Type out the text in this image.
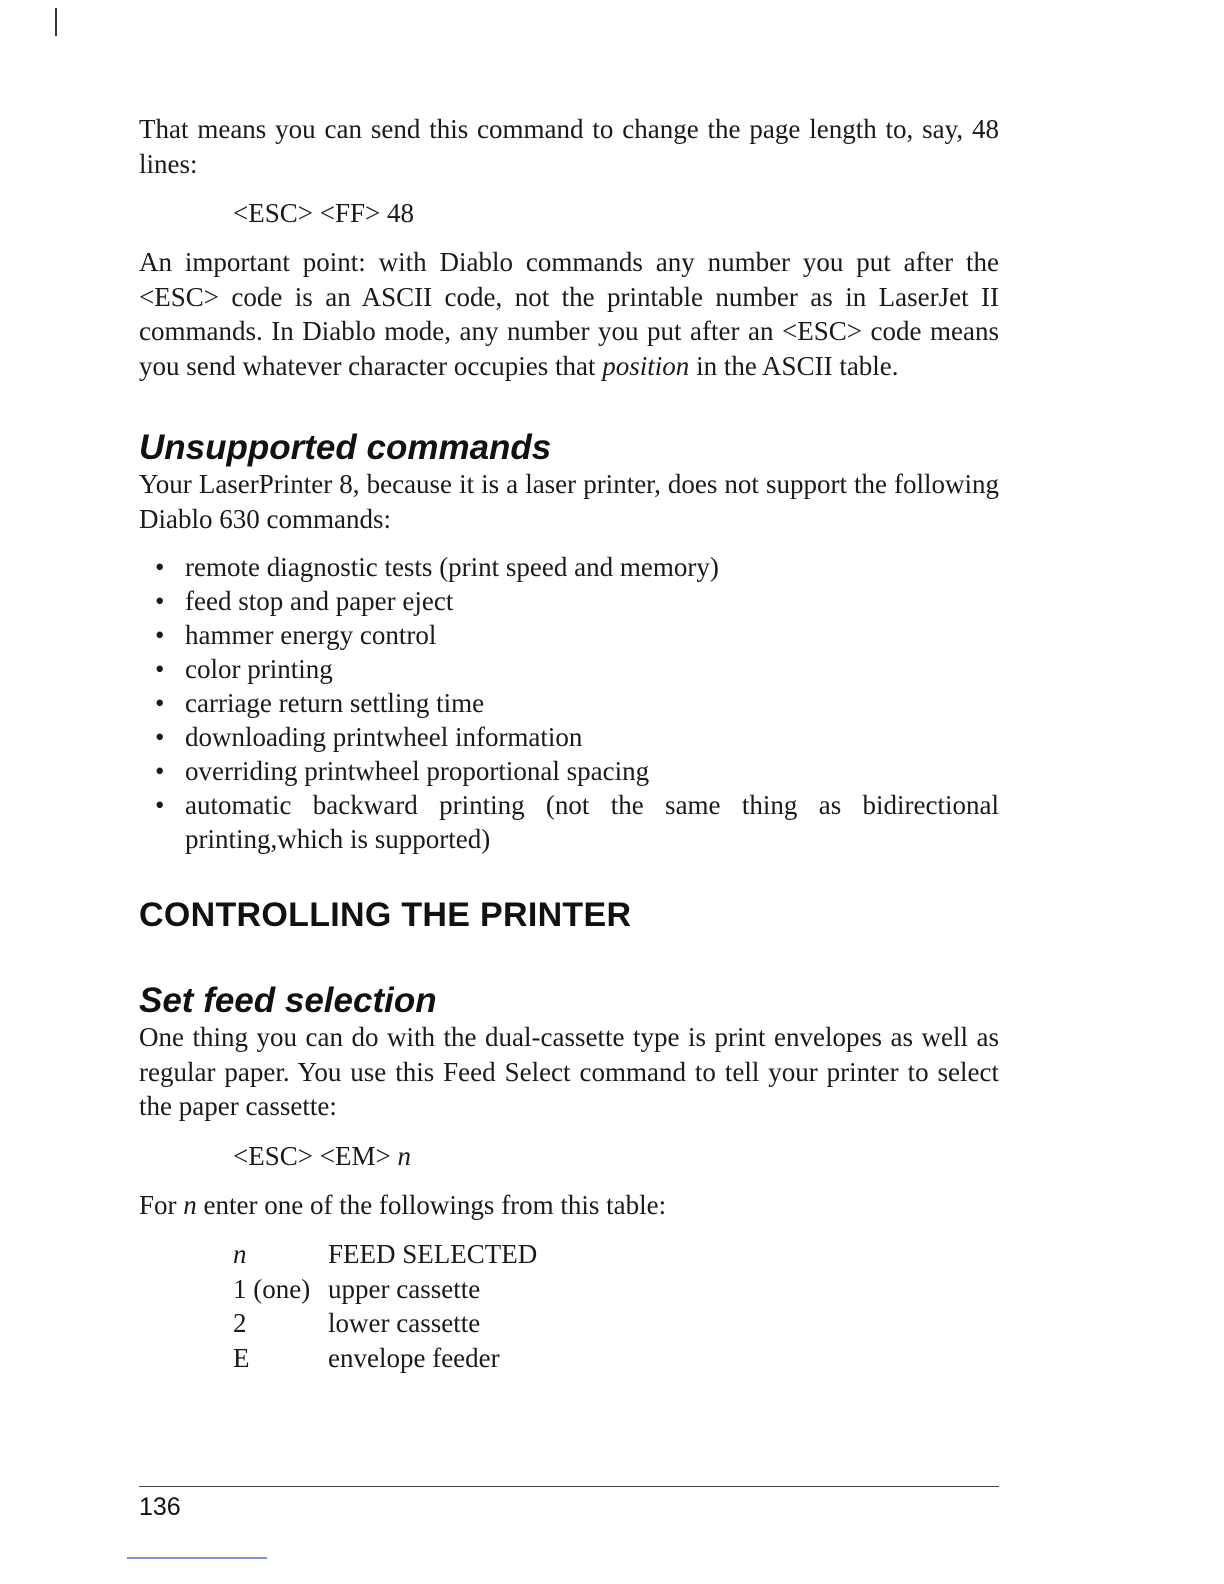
That means you can send this command to change the page length to, say, 48 lines:

<ESC> <FF> 48

An important point: with Diablo commands any number you put after the <ESC> code is an ASCII code, not the printable number as in LaserJet II commands. In Diablo mode, any number you put after an <ESC> code means you send whatever character occupies that position in the ASCII table.

Unsupported commands

Your LaserPrinter 8, because it is a laser printer, does not support the following Diablo 630 commands:

• remote diagnostic tests (print speed and memory)
• feed stop and paper eject
• hammer energy control
• color printing
• carriage return settling time
• downloading printwheel information
• overriding printwheel proportional spacing
• automatic backward printing (not the same thing as bidirectional printing,which is supported)
CONTROLLING THE PRINTER
Set feed selection

One thing you can do with the dual-cassette type is print envelopes as well as regular paper. You use this Feed Select command to tell your printer to select the paper cassette:

<ESC> <EM> n

For n enter one of the followings from this table:

n	FEED SELECTED
1 (one)	upper cassette
2	lower cassette
E	envelope feeder
136
